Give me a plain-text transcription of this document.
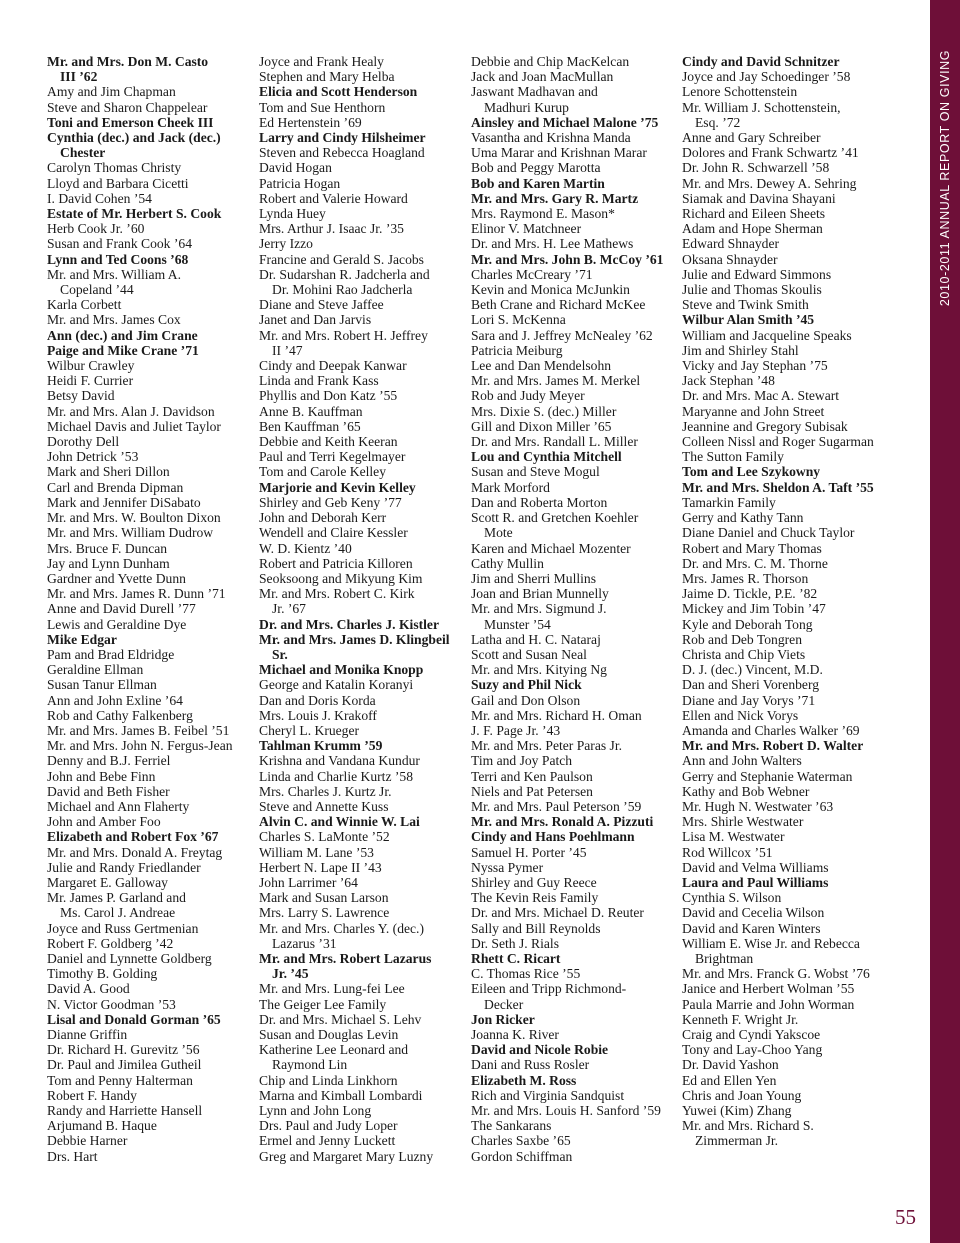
2010-2011 ANNUAL REPORT ON GIVING
Mr. and Mrs. Don M. Casto
III ’62
Amy and Jim Chapman
Steve and Sharon Chappelear
Toni and Emerson Cheek III
Cynthia (dec.) and Jack (dec.)
Chester
Carolyn Thomas Christy
Lloyd and Barbara Cicetti
I. David Cohen ’54
Estate of Mr. Herbert S. Cook
Herb Cook Jr. ’60
Susan and Frank Cook ’64
Lynn and Ted Coons ’68
Mr. and Mrs. William A.
Copeland ’44
Karla Corbett
Mr. and Mrs. James Cox
Ann (dec.) and Jim Crane
Paige and Mike Crane ’71
Wilbur Crawley
Heidi F. Currier
Betsy David
Mr. and Mrs. Alan J. Davidson
Michael Davis and Juliet Taylor
Dorothy Dell
John Detrick ’53
Mark and Sheri Dillon
Carl and Brenda Dipman
Mark and Jennifer DiSabato
Mr. and Mrs. W. Boulton Dixon
Mr. and Mrs. William Dudrow
Mrs. Bruce F. Duncan
Jay and Lynn Dunham
Gardner and Yvette Dunn
Mr. and Mrs. James R. Dunn ’71
Anne and David Durell ’77
Lewis and Geraldine Dye
Mike Edgar
Pam and Brad Eldridge
Geraldine Ellman
Susan Tanur Ellman
Ann and John Exline ’64
Rob and Cathy Falkenberg
Mr. and Mrs. James B. Feibel ’51
Mr. and Mrs. John N. Fergus-Jean
Denny and B.J. Ferriel
John and Bebe Finn
David and Beth Fisher
Michael and Ann Flaherty
John and Amber Foo
Elizabeth and Robert Fox ’67
Mr. and Mrs. Donald A. Freytag
Julie and Randy Friedlander
Margaret E. Galloway
Mr. James P. Garland and
Ms. Carol J. Andreae
Joyce and Russ Gertmenian
Robert F. Goldberg ’42
Daniel and Lynnette Goldberg
Timothy B. Golding
David A. Good
N. Victor Goodman ’53
Lisal and Donald Gorman ’65
Dianne Griffin
Dr. Richard H. Gurevitz ’56
Dr. Paul and Jimilea Gutheil
Tom and Penny Halterman
Robert F. Handy
Randy and Harriette Hansell
Arjumand B. Haque
Debbie Harner
Drs. Hart
Joyce and Frank Healy
Stephen and Mary Helba
Elicia and Scott Henderson
Tom and Sue Henthorn
Ed Hertenstein ’69
Larry and Cindy Hilsheimer
Steven and Rebecca Hoagland
David Hogan
Patricia Hogan
Robert and Valerie Howard
Lynda Huey
Mrs. Arthur J. Isaac Jr. ’35
Jerry Izzo
Francine and Gerald S. Jacobs
Dr. Sudarshan R. Jadcherla and
Dr. Mohini Rao Jadcherla
Diane and Steve Jaffee
Janet and Dan Jarvis
Mr. and Mrs. Robert H. Jeffrey
II ’47
Cindy and Deepak Kanwar
Linda and Frank Kass
Phyllis and Don Katz ’55
Anne B. Kauffman
Ben Kauffman ’65
Debbie and Keith Keeran
Paul and Terri Kegelmayer
Tom and Carole Kelley
Marjorie and Kevin Kelley
Shirley and Geb Keny ’77
John and Deborah Kerr
Wendell and Claire Kessler
W. D. Kientz ’40
Robert and Patricia Killoren
Seoksoong and Mikyung Kim
Mr. and Mrs. Robert C. Kirk
Jr. ’67
Dr. and Mrs. Charles J. Kistler
Mr. and Mrs. James D. Klingbeil
Sr.
Michael and Monika Knopp
George and Katalin Koranyi
Dan and Doris Korda
Mrs. Louis J. Krakoff
Cheryl L. Krueger
Tahlman Krumm ’59
Krishna and Vandana Kundur
Linda and Charlie Kurtz ’58
Mrs. Charles J. Kurtz Jr.
Steve and Annette Kuss
Alvin C. and Winnie W. Lai
Charles S. LaMonte ’52
William M. Lane ’53
Herbert N. Lape II ’43
John Larrimer ’64
Mark and Susan Larson
Mrs. Larry S. Lawrence
Mr. and Mrs. Charles Y. (dec.)
Lazarus ’31
Mr. and Mrs. Robert Lazarus
Jr. ’45
Mr. and Mrs. Lung-fei Lee
The Geiger Lee Family
Dr. and Mrs. Michael S. Lehv
Susan and Douglas Levin
Katherine Lee Leonard and
Raymond Lin
Chip and Linda Linkhorn
Marna and Kimball Lombardi
Lynn and John Long
Drs. Paul and Judy Loper
Ermel and Jenny Luckett
Greg and Margaret Mary Luzny
Debbie and Chip MacKelcan
Jack and Joan MacMullan
Jaswant Madhavan and
Madhuri Kurup
Ainsley and Michael Malone ’75
Vasantha and Krishna Manda
Uma Marar and Krishnan Marar
Bob and Peggy Marotta
Bob and Karen Martin
Mr. and Mrs. Gary R. Martz
Mrs. Raymond E. Mason*
Elinor V. Matchneer
Dr. and Mrs. H. Lee Mathews
Mr. and Mrs. John B. McCoy ’61
Charles McCreary ’71
Kevin and Monica McJunkin
Beth Crane and Richard McKee
Lori S. McKenna
Sara and J. Jeffrey McNealey ’62
Patricia Meiburg
Lee and Dan Mendelsohn
Mr. and Mrs. James M. Merkel
Rob and Judy Meyer
Mrs. Dixie S. (dec.) Miller
Gill and Dixon Miller ’65
Dr. and Mrs. Randall L. Miller
Lou and Cynthia Mitchell
Susan and Steve Mogul
Mark Morford
Dan and Roberta Morton
Scott R. and Gretchen Koehler
Mote
Karen and Michael Mozenter
Cathy Mullin
Jim and Sherri Mullins
Joan and Brian Munnelly
Mr. and Mrs. Sigmund J.
Munster ’54
Latha and H. C. Nataraj
Scott and Susan Neal
Mr. and Mrs. Kitying Ng
Suzy and Phil Nick
Gail and Don Olson
Mr. and Mrs. Richard H. Oman
J. F. Page Jr. ’43
Mr. and Mrs. Peter Paras Jr.
Tim and Joy Patch
Terri and Ken Paulson
Niels and Pat Petersen
Mr. and Mrs. Paul Peterson ’59
Mr. and Mrs. Ronald A. Pizzuti
Cindy and Hans Poehlmann
Samuel H. Porter ’45
Nyssa Pymer
Shirley and Guy Reece
The Kevin Reis Family
Dr. and Mrs. Michael D. Reuter
Sally and Bill Reynolds
Dr. Seth J. Rials
Rhett C. Ricart
C. Thomas Rice ’55
Eileen and Tripp Richmond-
Decker
Jon Ricker
Joanna K. River
David and Nicole Robie
Dani and Russ Rosler
Elizabeth M. Ross
Rich and Virginia Sandquist
Mr. and Mrs. Louis H. Sanford ’59
The Sankarans
Charles Saxbe ’65
Gordon Schiffman
Cindy and David Schnitzer
Joyce and Jay Schoedinger ’58
Lenore Schottenstein
Mr. William J. Schottenstein,
Esq. ’72
Anne and Gary Schreiber
Dolores and Frank Schwartz ’41
Dr. John R. Schwarzell ’58
Mr. and Mrs. Dewey A. Sehring
Siamak and Davina Shayani
Richard and Eileen Sheets
Adam and Hope Sherman
Edward Shnayder
Oksana Shnayder
Julie and Edward Simmons
Julie and Thomas Skoulis
Steve and Twink Smith
Wilbur Alan Smith ’45
William and Jacqueline Speaks
Jim and Shirley Stahl
Vicky and Jay Stephan ’75
Jack Stephan ’48
Dr. and Mrs. Mac A. Stewart
Maryanne and John Street
Jeannine and Gregory Subisak
Colleen Nissl and Roger Sugarman
The Sutton Family
Tom and Lee Szykowny
Mr. and Mrs. Sheldon A. Taft ’55
Tamarkin Family
Gerry and Kathy Tann
Diane Daniel and Chuck Taylor
Robert and Mary Thomas
Dr. and Mrs. C. M. Thorne
Mrs. James R. Thorson
Jaime D. Tickle, P.E. ’82
Mickey and Jim Tobin ’47
Kyle and Deborah Tong
Rob and Deb Tongren
Christa and Chip Viets
D. J. (dec.) Vincent, M.D.
Dan and Sheri Vorenberg
Diane and Jay Vorys ’71
Ellen and Nick Vorys
Amanda and Charles Walker ’69
Mr. and Mrs. Robert D. Walter
Ann and John Walters
Gerry and Stephanie Waterman
Kathy and Bob Webner
Mr. Hugh N. Westwater ’63
Mrs. Shirle Westwater
Lisa M. Westwater
Rod Willcox ’51
David and Velma Williams
Laura and Paul Williams
Cynthia S. Wilson
David and Cecelia Wilson
David and Karen Winters
William E. Wise Jr. and Rebecca
Brightman
Mr. and Mrs. Franck G. Wobst ’76
Janice and Herbert Wolman ’55
Paula Marrie and John Worman
Kenneth F. Wright Jr.
Craig and Cyndi Yakscoe
Tony and Lay-Choo Yang
Dr. David Yashon
Ed and Ellen Yen
Chris and Joan Young
Yuwei (Kim) Zhang
Mr. and Mrs. Richard S.
Zimmerman Jr.
55
